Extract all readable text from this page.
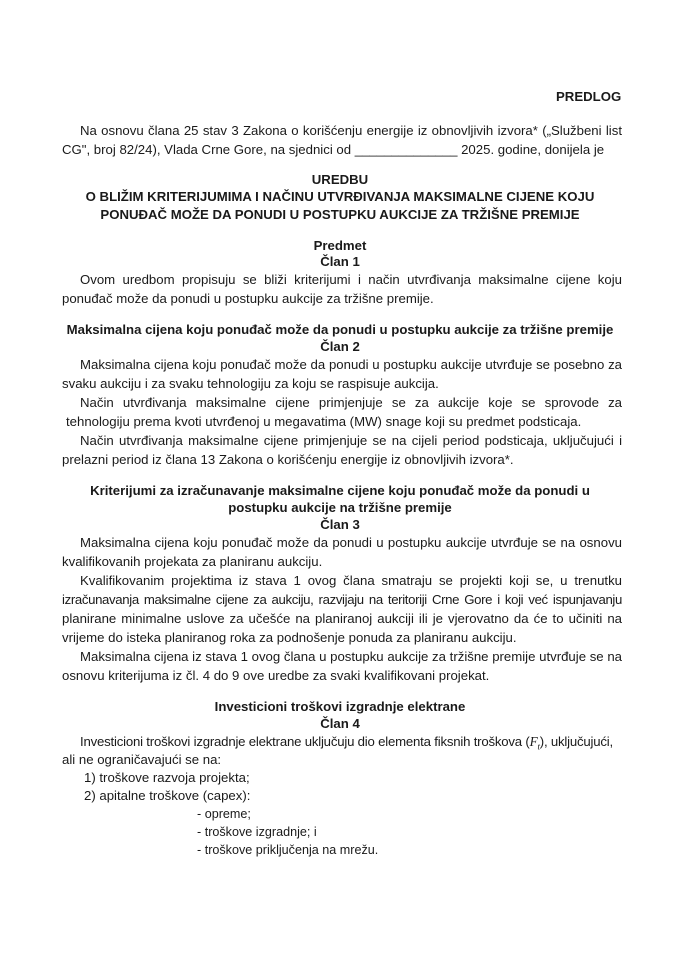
PREDLOG
Na osnovu člana 25 stav 3 Zakona o korišćenju energije iz obnovljivih izvora* („Službeni list
CG", broj 82/24), Vlada Crne Gore, na sjednici od ______________ 2025. godine, donijela je
UREDBU
O BLIŽIM KRITERIJUMIMA I NAČINU UTVRĐIVANJA MAKSIMALNE CIJENE KOJU
PONUĐAČ MOŽE DA PONUDI U POSTUPKU AUKCIJE ZA TRŽIŠNE PREMIJE
Predmet
Član 1
Ovom uredbom propisuju se bliži kriterijumi i način utvrđivanja maksimalne cijene koju
ponuđač može da ponudi u postupku aukcije za tržišne premije.
Maksimalna cijena koju ponuđač može da ponudi u postupku aukcije za tržišne premije
Član 2
Maksimalna cijena koju ponuđač može da ponudi u postupku aukcije utvrđuje se posebno za
svaku aukciju i za svaku tehnologiju za koju se raspisuje aukcija.
Način utvrđivanja maksimalne cijene primjenjuje se za aukcije koje se sprovode za
tehnologiju prema kvoti utvrđenoj u megavatima (MW) snage koji su predmet podsticaja.
Način utvrđivanja maksimalne cijene primjenjuje se na cijeli period podsticaja, uključujući i
prelazni period iz člana 13 Zakona o korišćenju energije iz obnovljivih izvora*.
Kriterijumi za izračunavanje maksimalne cijene koju ponuđač može da ponudi u
postupku aukcije na tržišne premije
Član 3
Maksimalna cijena koju ponuđač može da ponudi u postupku aukcije utvrđuje se na osnovu
kvalifikovanih projekata za planiranu aukciju.
Kvalifikovanim projektima iz stava 1 ovog člana smatraju se projekti koji se, u trenutku
izračunavanja maksimalne cijene za aukciju, razvijaju na teritoriji Crne Gore i koji već ispunjavanju
planirane minimalne uslove za učešće na planiranoj aukciji ili je vjerovatno da će to učiniti na
vrijeme do isteka planiranog roka za podnošenje ponuda za planiranu aukciju.
Maksimalna cijena iz stava 1 ovog člana u postupku aukcije za tržišne premije utvrđuje se na
osnovu kriterijuma iz čl. 4 do 9 ove uredbe za svaki kvalifikovani projekat.
Investicioni troškovi izgradnje elektrane
Član 4
Investicioni troškovi izgradnje elektrane uključuju dio elementa fiksnih troškova $(F_t)$, uključujući,
ali ne ograničavajući se na:
1) troškove razvoja projekta;
2) apitalne troškove (capex):
- opreme;
- troškove izgradnje; i
- troškove priključenja na mrežu.
